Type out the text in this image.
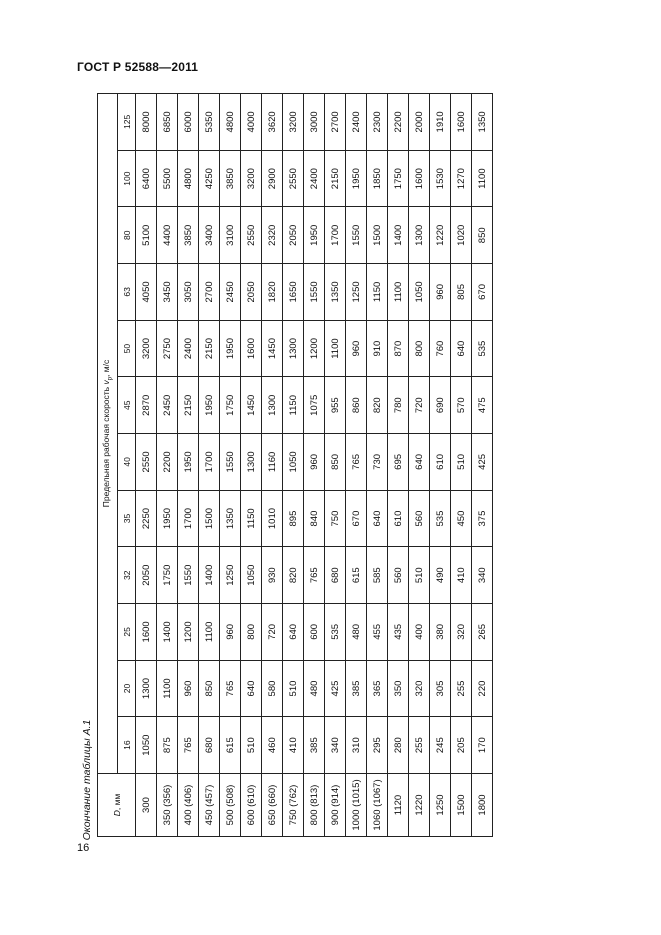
ГОСТ Р 52588—2011
Окончание таблицы А.1
16
D, мм	Предельная рабочая скорость $v_р$, м/с											
	16	20	25	32	35	40	45	50	63	80	100	125
300	1050	1300	1600	2050	2250	2550	2870	3200	4050	5100	6400	8000
350 (356)	875	1100	1400	1750	1950	2200	2450	2750	3450	4400	5500	6850
400 (406)	765	960	1200	1550	1700	1950	2150	2400	3050	3850	4800	6000
450 (457)	680	850	1100	1400	1500	1700	1950	2150	2700	3400	4250	5350
500 (508)	615	765	960	1250	1350	1550	1750	1950	2450	3100	3850	4800
600 (610)	510	640	800	1050	1150	1300	1450	1600	2050	2550	3200	4000
650 (660)	460	580	720	930	1010	1160	1300	1450	1820	2320	2900	3620
750 (762)	410	510	640	820	895	1050	1150	1300	1650	2050	2550	3200
800 (813)	385	480	600	765	840	960	1075	1200	1550	1950	2400	3000
900 (914)	340	425	535	680	750	850	955	1100	1350	1700	2150	2700
1000 (1015)	310	385	480	615	670	765	860	960	1250	1550	1950	2400
1060 (1067)	295	365	455	585	640	730	820	910	1150	1500	1850	2300
1120	280	350	435	560	610	695	780	870	1100	1400	1750	2200
1220	255	320	400	510	560	640	720	800	1050	1300	1600	2000
1250	245	305	380	490	535	610	690	760	960	1220	1530	1910
1500	205	255	320	410	450	510	570	640	805	1020	1270	1600
1800	170	220	265	340	375	425	475	535	670	850	1100	1350
